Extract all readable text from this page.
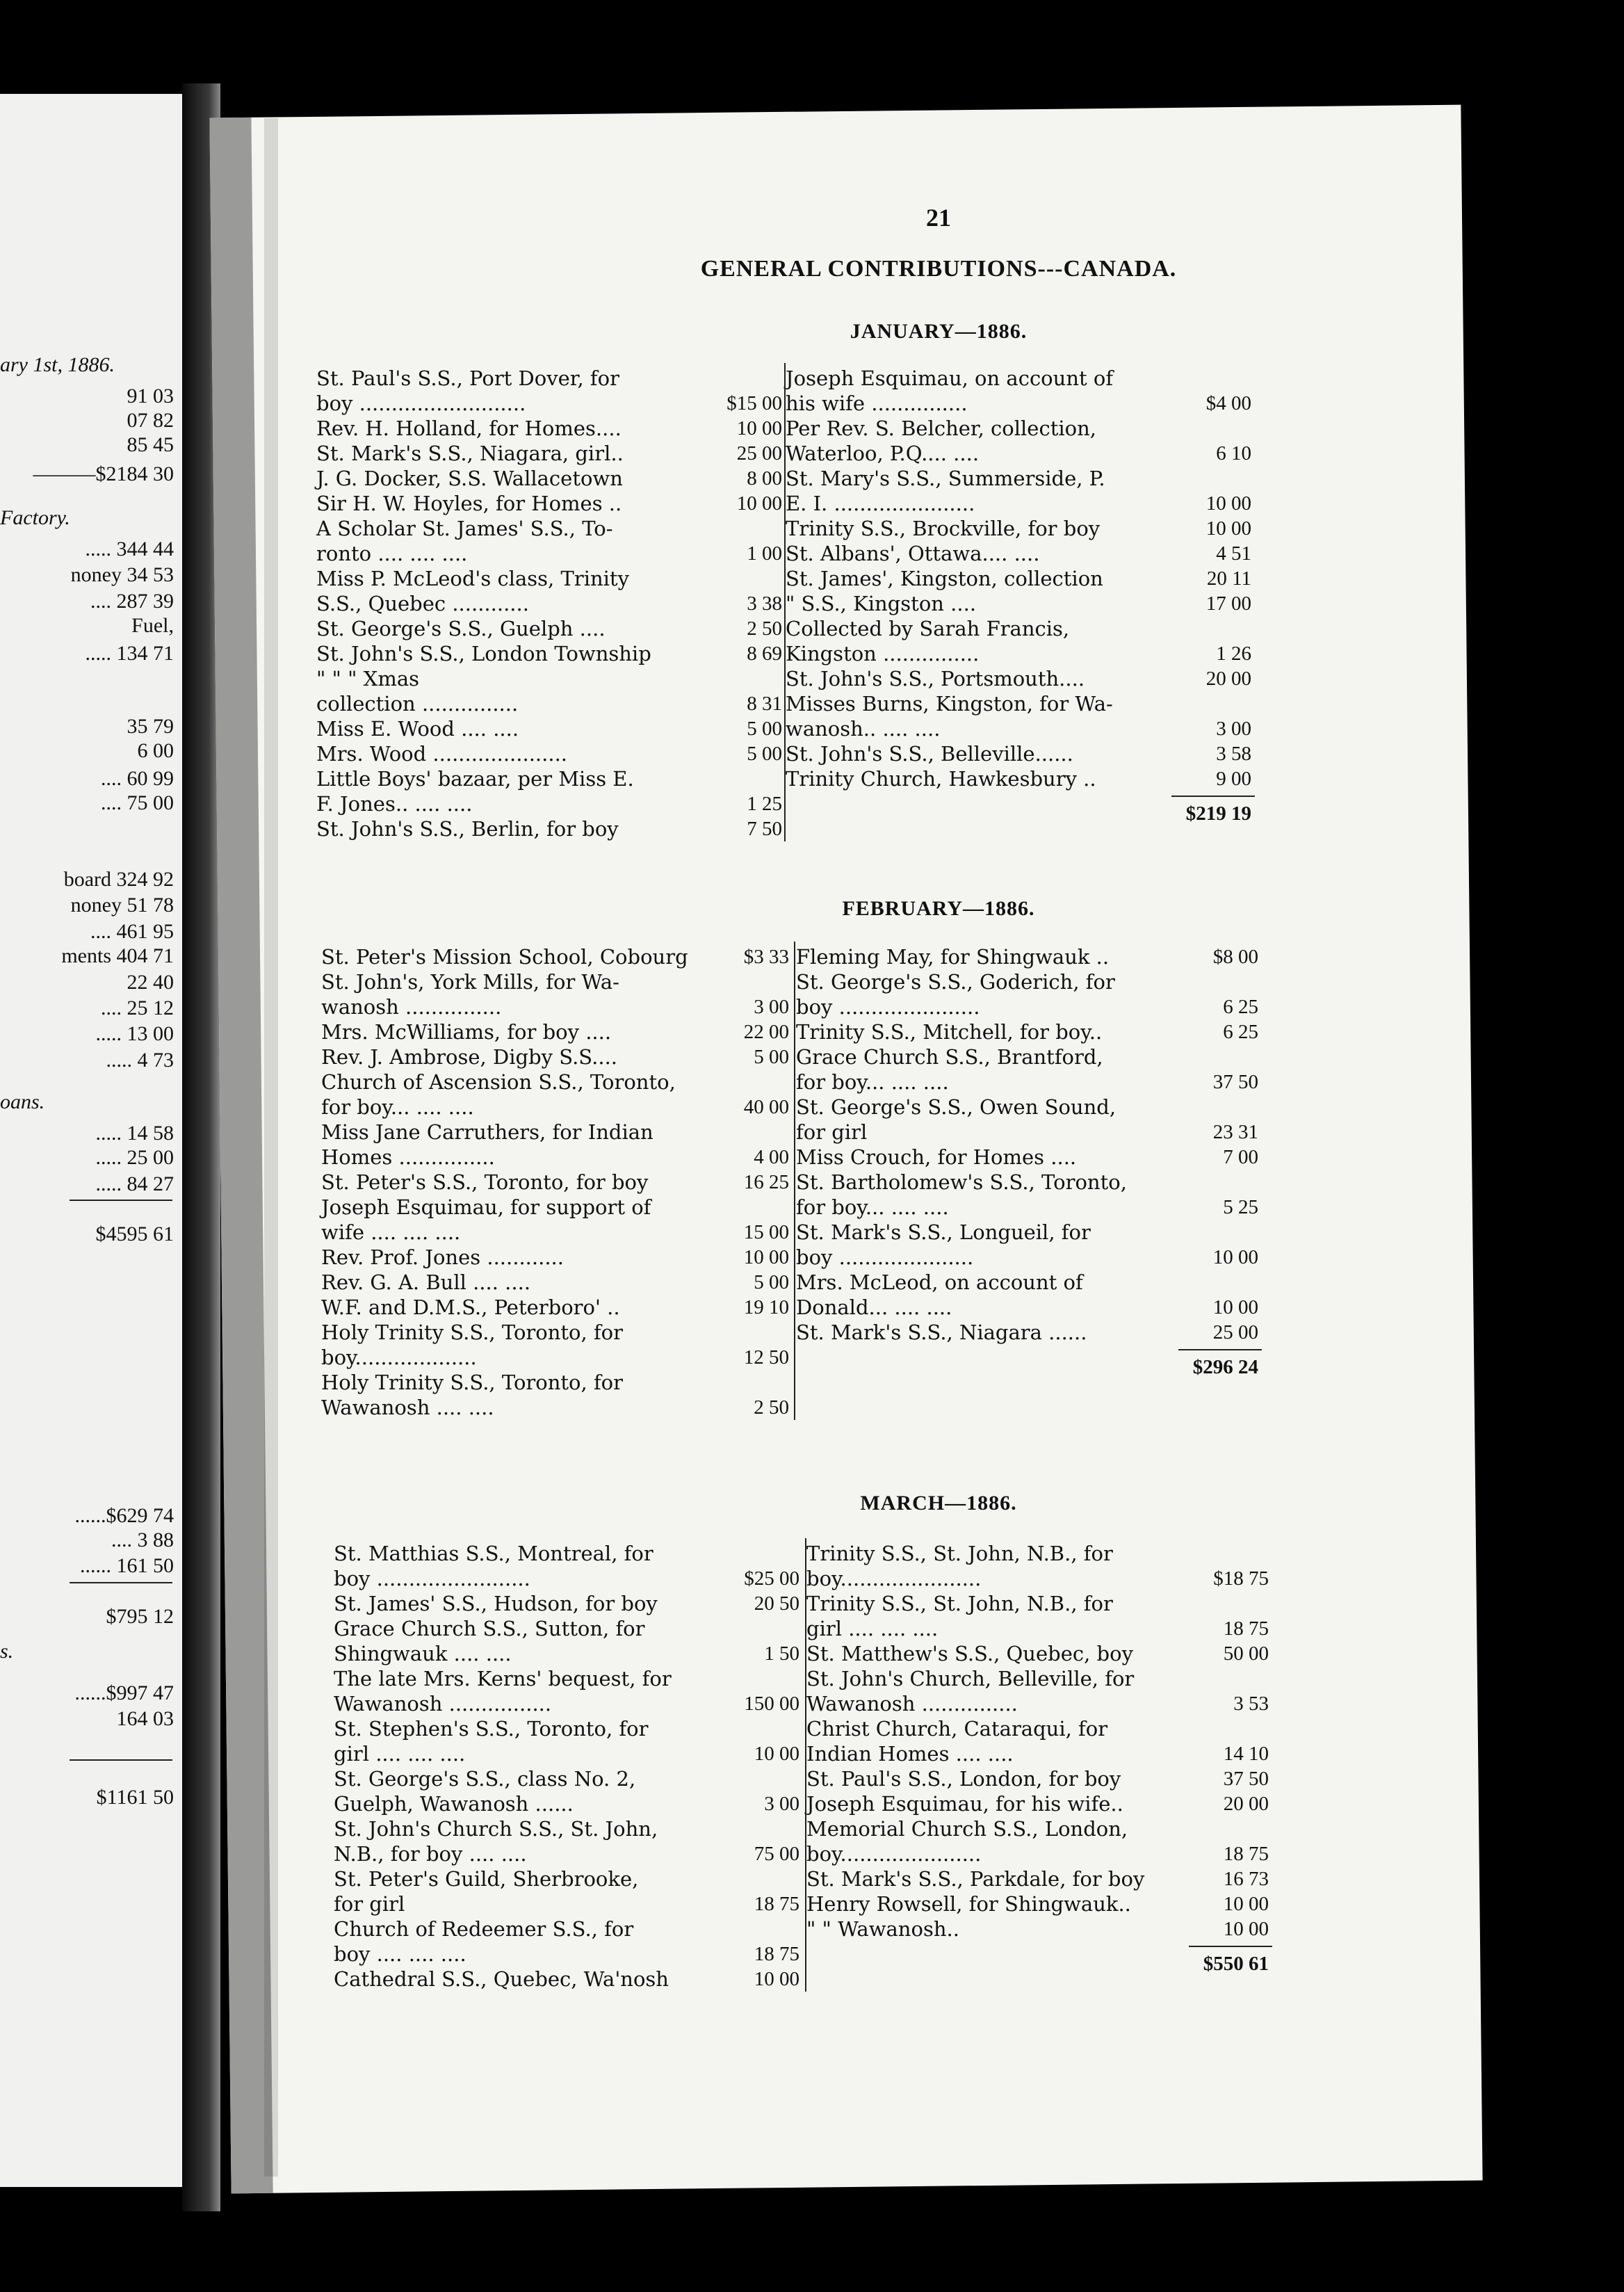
ary 1st, 1886.
91 03
07 82
85 45
———$2184 30
Factory.
..... 344 44
noney 34 53
.... 287 39
Fuel,
..... 134 71
35 79
6 00
.... 60 99
.... 75 00
board 324 92
noney 51 78
.... 461 95
ments 404 71
22 40
.... 25 12
..... 13 00
..... 4 73
oans.
..... 14 58
..... 25 00
..... 84 27
$4595 61
......$629 74
.... 3 88
...... 161 50
$795 12
s.
......$997 47
164 03
$1161 50
21
GENERAL CONTRIBUTIONS---CANADA.
JANUARY—1886.
St. Paul's S.S., Port Dover, for
boy ..........................	$15 00
Rev. H. Holland, for Homes....	10 00
St. Mark's S.S., Niagara, girl..	25 00
J. G. Docker, S.S. Wallacetown	8 00
Sir H. W. Hoyles, for Homes ..	10 00
A Scholar St. James' S.S., To-
ronto .... .... ....	1 00
Miss P. McLeod's class, Trinity
S.S., Quebec ............	3 38
St. George's S.S., Guelph ....	2 50
St. John's S.S., London Township	8 69
" " " Xmas
collection ...............	8 31
Miss E. Wood .... ....	5 00
Mrs. Wood .....................	5 00
Little Boys' bazaar, per Miss E.
F. Jones.. .... ....	1 25
St. John's S.S., Berlin, for boy	7 50
Joseph Esquimau, on account of
his wife ...............	$4 00
Per Rev. S. Belcher, collection,
Waterloo, P.Q.... ....	6 10
St. Mary's S.S., Summerside, P.
E. I. ......................	10 00
Trinity S.S., Brockville, for boy	10 00
St. Albans', Ottawa.... ....	4 51
St. James', Kingston, collection	20 11
" S.S., Kingston ....	17 00
Collected by Sarah Francis,
Kingston ...............	1 26
St. John's S.S., Portsmouth....	20 00
Misses Burns, Kingston, for Wa-
wanosh.. .... ....	3 00
St. John's S.S., Belleville......	3 58
Trinity Church, Hawkesbury ..	9 00
$219 19
FEBRUARY—1886.
St. Peter's Mission School, Cobourg	$3 33
St. John's, York Mills, for Wa-
wanosh ...............	3 00
Mrs. McWilliams, for boy ....	22 00
Rev. J. Ambrose, Digby S.S....	5 00
Church of Ascension S.S., Toronto,
for boy... .... ....	40 00
Miss Jane Carruthers, for Indian
Homes ...............	4 00
St. Peter's S.S., Toronto, for boy	16 25
Joseph Esquimau, for support of
wife .... .... ....	15 00
Rev. Prof. Jones ............	10 00
Rev. G. A. Bull .... ....	5 00
W.F. and D.M.S., Peterboro' ..	19 10
Holy Trinity S.S., Toronto, for
boy...................	12 50
Holy Trinity S.S., Toronto, for
Wawanosh .... ....	2 50
Fleming May, for Shingwauk ..	$8 00
St. George's S.S., Goderich, for
boy ......................	6 25
Trinity S.S., Mitchell, for boy..	6 25
Grace Church S.S., Brantford,
for boy... .... ....	37 50
St. George's S.S., Owen Sound,
for girl	23 31
Miss Crouch, for Homes ....	7 00
St. Bartholomew's S.S., Toronto,
for boy... .... ....	5 25
St. Mark's S.S., Longueil, for
boy .....................	10 00
Mrs. McLeod, on account of
Donald... .... ....	10 00
St. Mark's S.S., Niagara ......	25 00
$296 24
MARCH—1886.
St. Matthias S.S., Montreal, for
boy ........................	$25 00
St. James' S.S., Hudson, for boy	20 50
Grace Church S.S., Sutton, for
Shingwauk .... ....	1 50
The late Mrs. Kerns' bequest, for
Wawanosh ................	150 00
St. Stephen's S.S., Toronto, for
girl .... .... ....	10 00
St. George's S.S., class No. 2,
Guelph, Wawanosh ......	3 00
St. John's Church S.S., St. John,
N.B., for boy .... ....	75 00
St. Peter's Guild, Sherbrooke,
for girl	18 75
Church of Redeemer S.S., for
boy .... .... ....	18 75
Cathedral S.S., Quebec, Wa'nosh	10 00
Trinity S.S., St. John, N.B., for
boy......................	$18 75
Trinity S.S., St. John, N.B., for
girl .... .... ....	18 75
St. Matthew's S.S., Quebec, boy	50 00
St. John's Church, Belleville, for
Wawanosh ...............	3 53
Christ Church, Cataraqui, for
Indian Homes .... ....	14 10
St. Paul's S.S., London, for boy	37 50
Joseph Esquimau, for his wife..	20 00
Memorial Church S.S., London,
boy......................	18 75
St. Mark's S.S., Parkdale, for boy	16 73
Henry Rowsell, for Shingwauk..	10 00
" " Wawanosh..	10 00
$550 61
